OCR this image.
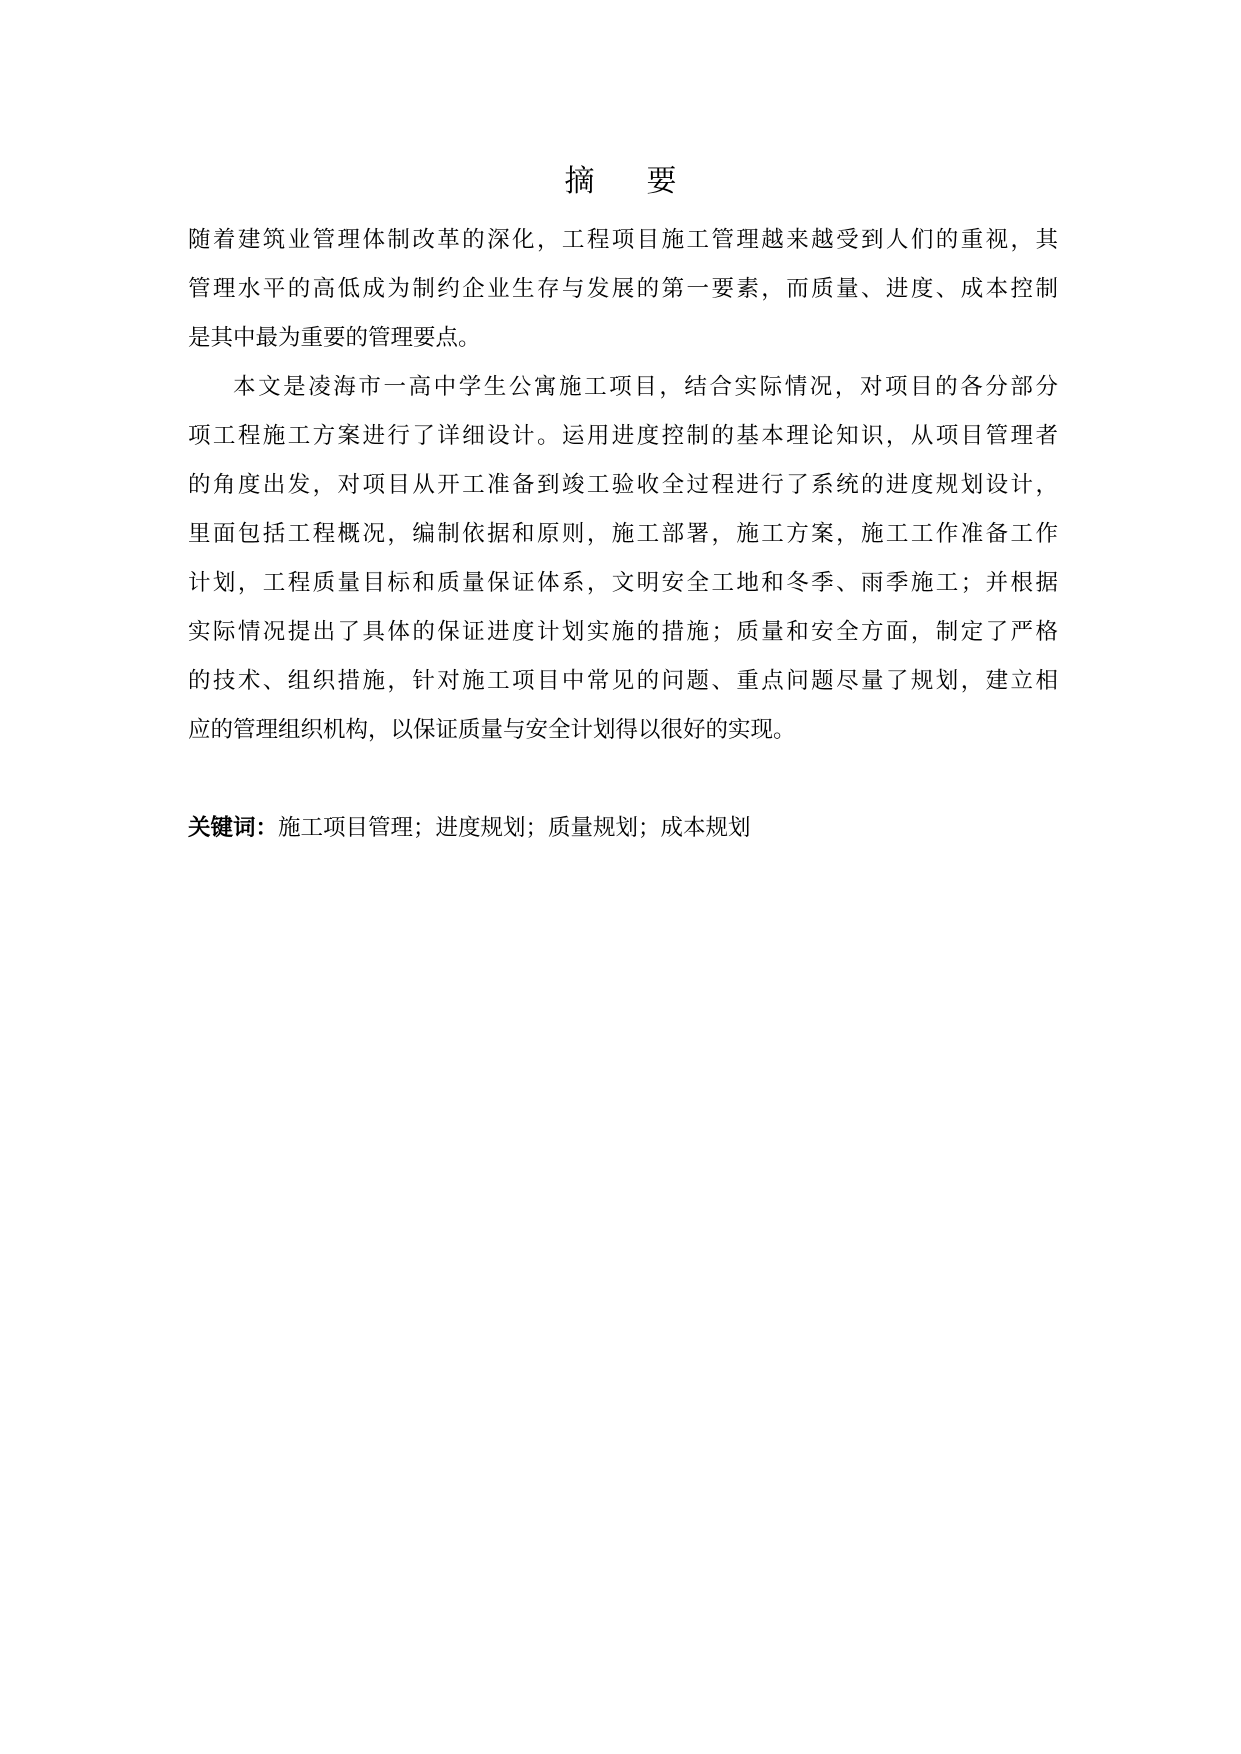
摘 要
随着建筑业管理体制改革的深化，工程项目施工管理越来越受到人们的重视，其
管理水平的高低成为制约企业生存与发展的第一要素，而质量、进度、成本控制
是其中最为重要的管理要点。
本文是凌海市一高中学生公寓施工项目，结合实际情况，对项目的各分部分
项工程施工方案进行了详细设计。运用进度控制的基本理论知识，从项目管理者
的角度出发，对项目从开工准备到竣工验收全过程进行了系统的进度规划设计，
里面包括工程概况，编制依据和原则，施工部署，施工方案，施工工作准备工作
计划，工程质量目标和质量保证体系，文明安全工地和冬季、雨季施工；并根据
实际情况提出了具体的保证进度计划实施的措施；质量和安全方面，制定了严格
的技术、组织措施，针对施工项目中常见的问题、重点问题尽量了规划，建立相
应的管理组织机构，以保证质量与安全计划得以很好的实现。
关键词：施工项目管理；进度规划；质量规划；成本规划
